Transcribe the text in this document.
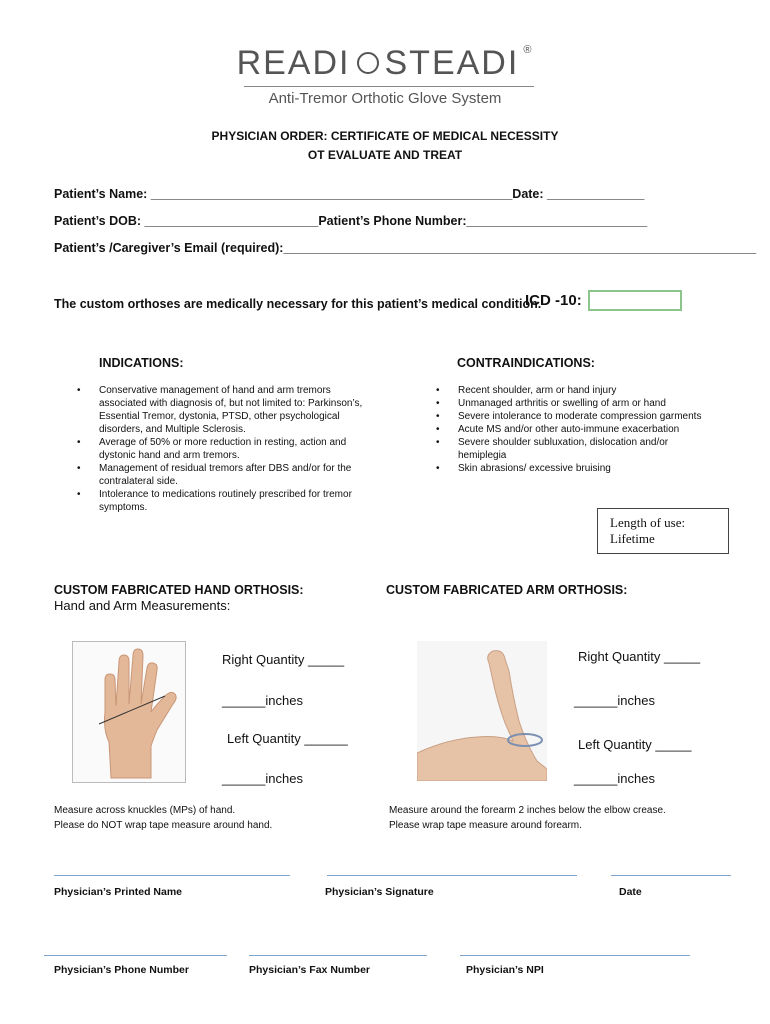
READI STEADI ®
Anti-Tremor Orthotic Glove System
PHYSICIAN ORDER: CERTIFICATE OF MEDICAL NECESSITY
OT EVALUATE AND TREAT
Patient’s Name: ____________________________________________________Date: ______________
Patient’s DOB: _________________________Patient’s Phone Number:__________________________
Patient’s /Caregiver’s Email (required):____________________________________________________________________
The custom orthoses are medically necessary for this patient’s medical condition.
ICD -10:
INDICATIONS:
• Conservative management of hand and arm tremors associated with diagnosis of, but not limited to: Parkinson’s, Essential Tremor, dystonia, PTSD, other psychological disorders, and Multiple Sclerosis.
• Average of 50% or more reduction in resting, action and dystonic hand and arm tremors.
• Management of residual tremors after DBS and/or for the contralateral side.
• Intolerance to medications routinely prescribed for tremor symptoms.
CONTRAINDICATIONS:
• Recent shoulder, arm or hand injury
• Unmanaged arthritis or swelling of arm or hand
• Severe intolerance to moderate compression garments
• Acute MS and/or other auto-immune exacerbation
• Severe shoulder subluxation, dislocation and/or hemiplegia
• Skin abrasions/ excessive bruising
Length of use:
Lifetime
CUSTOM FABRICATED HAND ORTHOSIS:
Hand and Arm Measurements:
CUSTOM FABRICATED ARM ORTHOSIS:
Right Quantity _____
______inches
Left Quantity ______
______inches
Right Quantity _____
______inches
Left Quantity _____
______inches
Measure across knuckles (MPs) of hand.
Please do NOT wrap tape measure around hand.
Measure around the forearm 2 inches below the elbow crease.
Please wrap tape measure around forearm.
Physician’s Printed Name	Physician’s Signature	Date
Physician’s Phone Number	Physician’s Fax Number	Physician’s NPI
